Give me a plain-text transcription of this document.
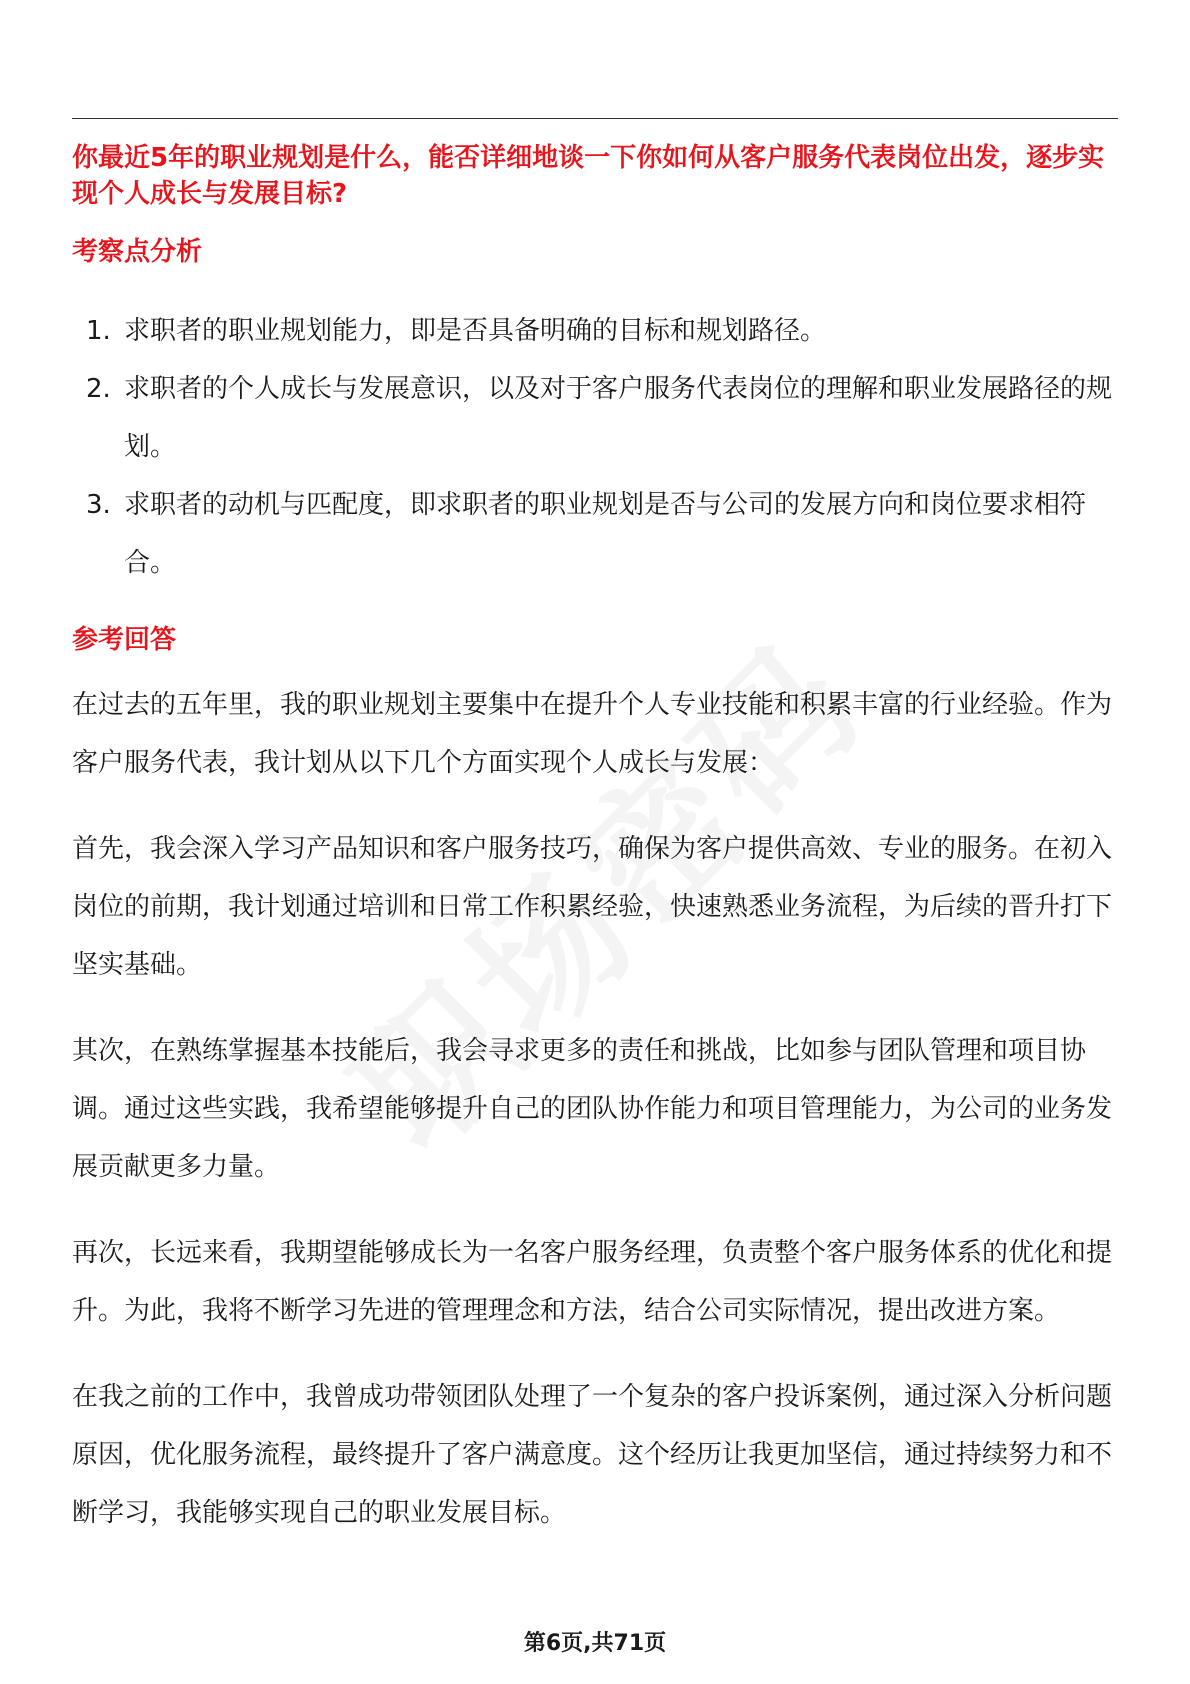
你最近5年的职业规划是什么，能否详细地谈一下你如何从客户服务代表岗位出发，逐步实现个人成长与发展目标?
考察点分析
1. 求职者的职业规划能力，即是否具备明确的目标和规划路径。
2. 求职者的个人成长与发展意识，以及对于客户服务代表岗位的理解和职业发展路径的规划。
3. 求职者的动机与匹配度，即求职者的职业规划是否与公司的发展方向和岗位要求相符合。
参考回答

在过去的五年里，我的职业规划主要集中在提升个人专业技能和积累丰富的行业经验。作为客户服务代表，我计划从以下几个方面实现个人成长与发展：

首先，我会深入学习产品知识和客户服务技巧，确保为客户提供高效、专业的服务。在初入岗位的前期，我计划通过培训和日常工作积累经验，快速熟悉业务流程，为后续的晋升打下坚实基础。

其次，在熟练掌握基本技能后，我会寻求更多的责任和挑战，比如参与团队管理和项目协调。通过这些实践，我希望能够提升自己的团队协作能力和项目管理能力，为公司的业务发展贡献更多力量。

再次，长远来看，我期望能够成长为一名客户服务经理，负责整个客户服务体系的优化和提升。为此，我将不断学习先进的管理理念和方法，结合公司实际情况，提出改进方案。

在我之前的工作中，我曾成功带领团队处理了一个复杂的客户投诉案例，通过深入分析问题原因，优化服务流程，最终提升了客户满意度。这个经历让我更加坚信，通过持续努力和不断学习，我能够实现自己的职业发展目标。

第6页,共71页
